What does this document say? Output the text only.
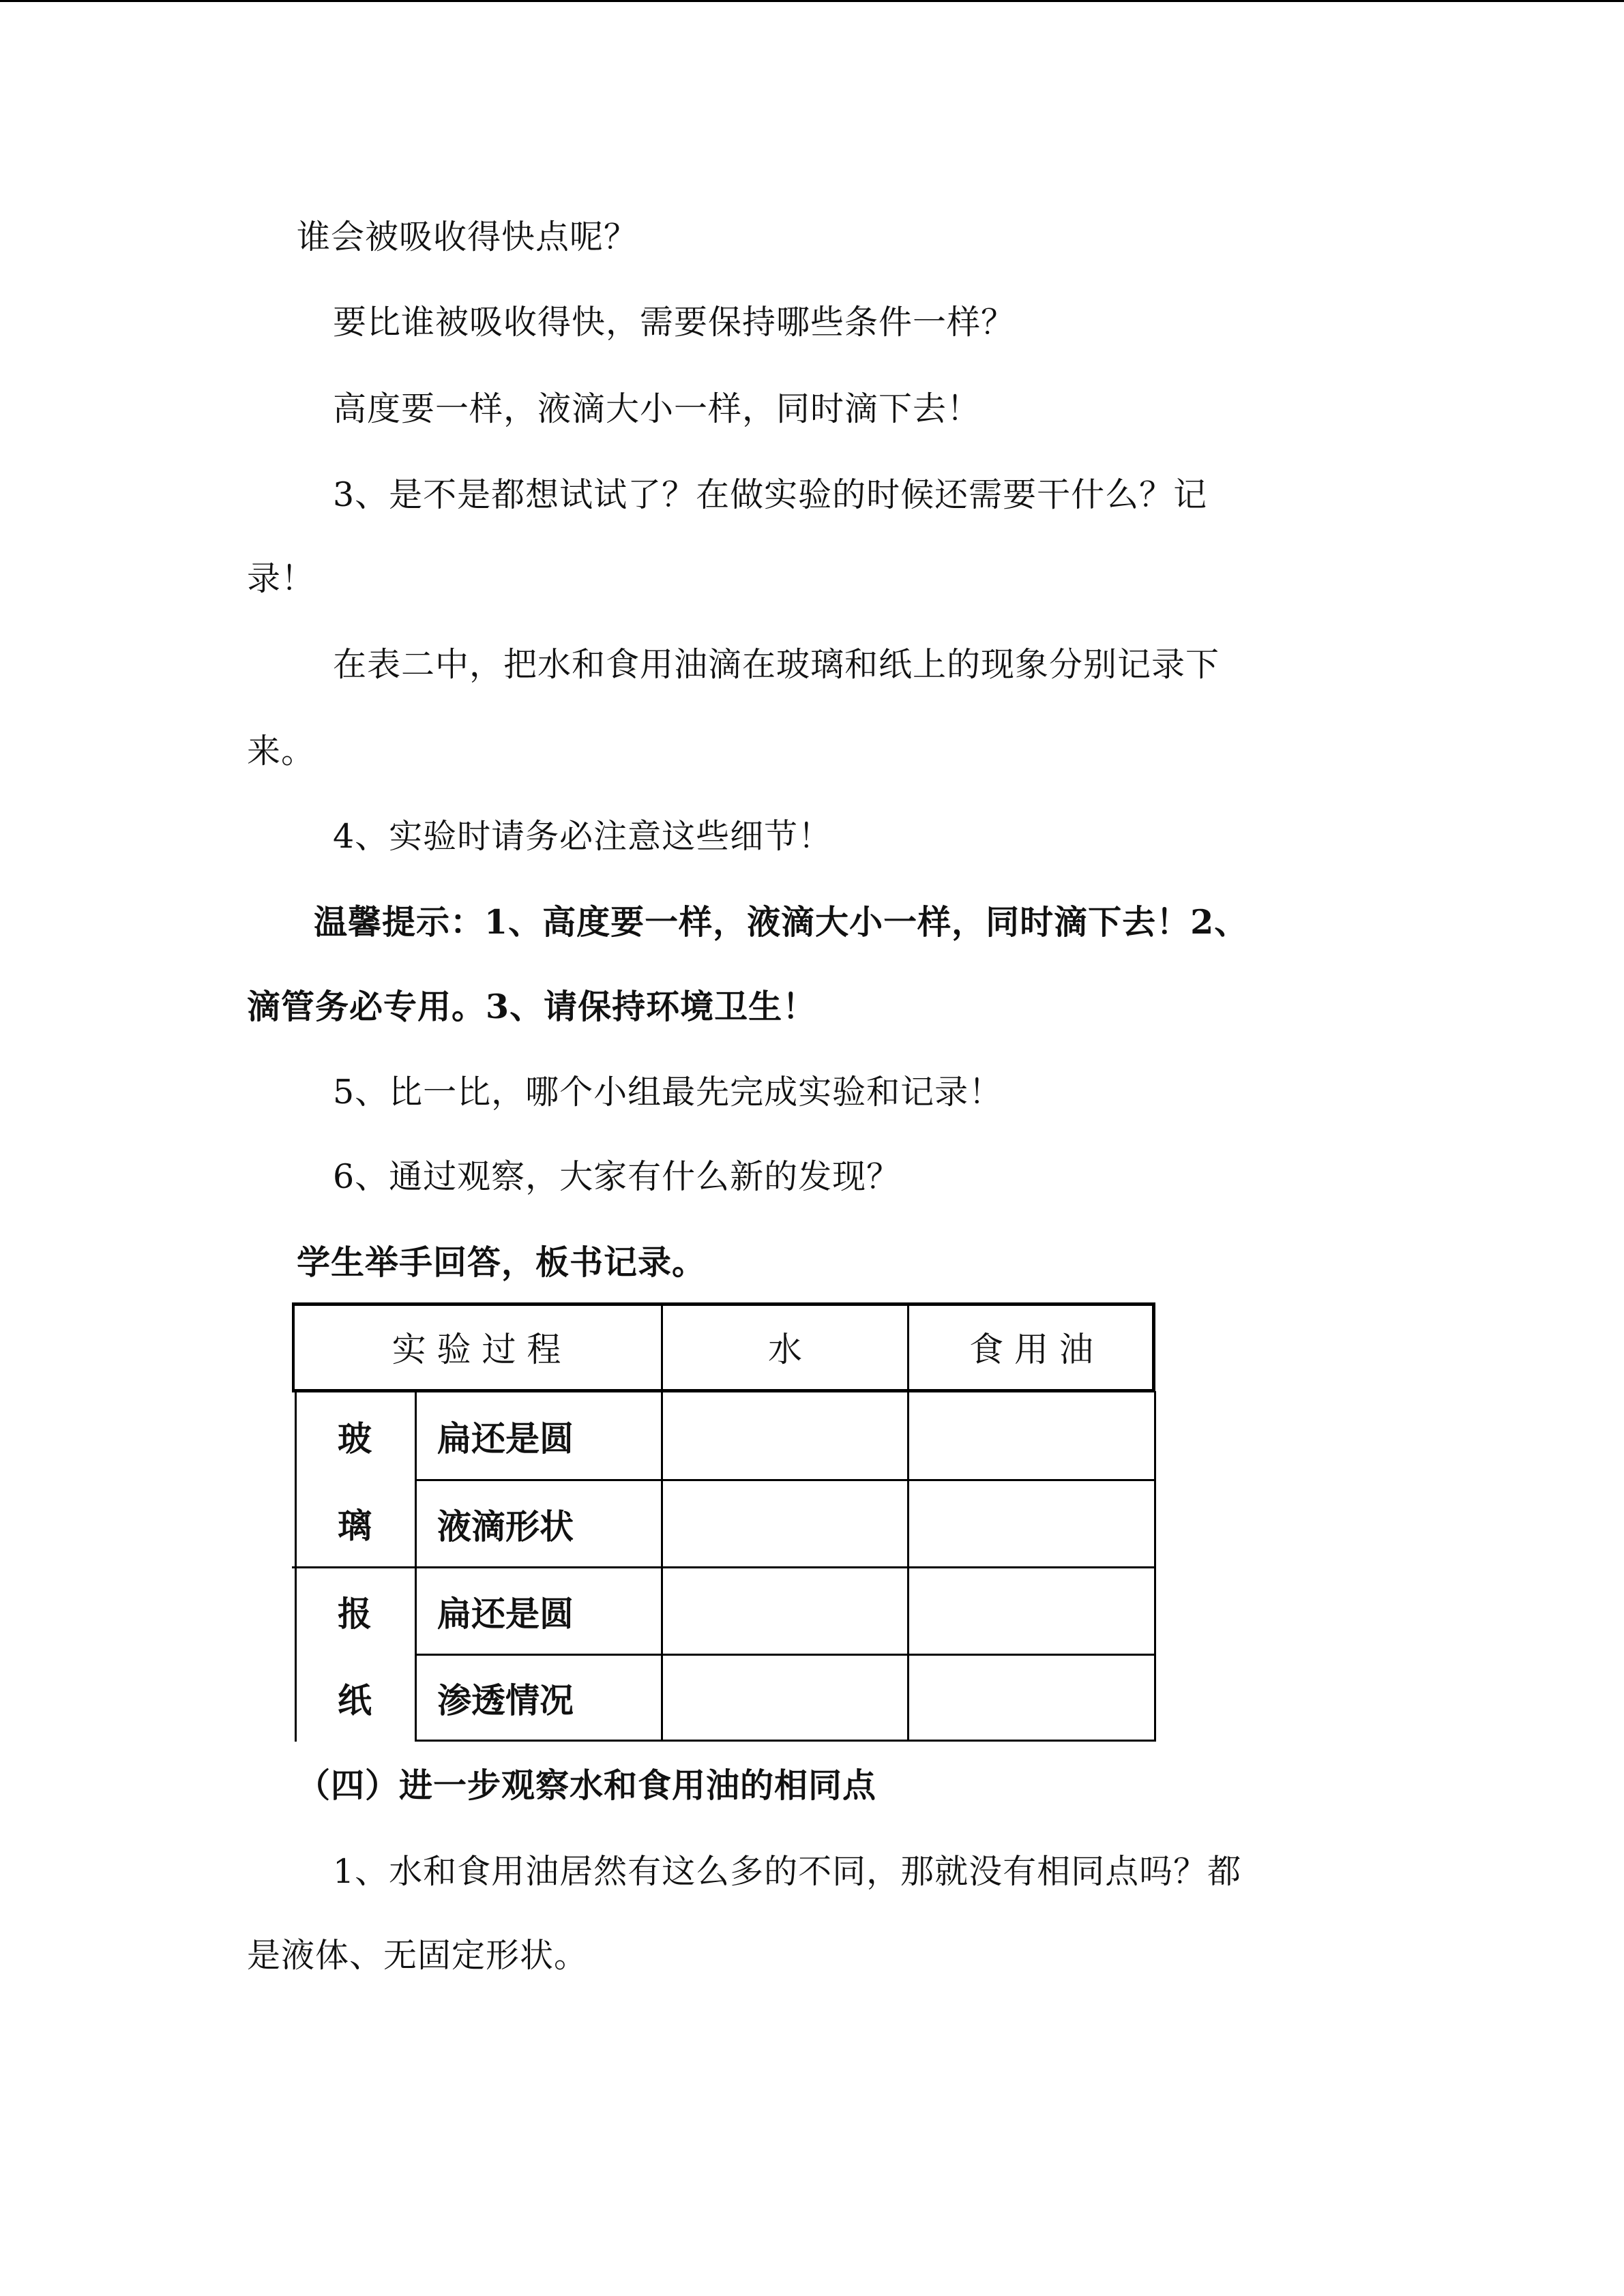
谁会被吸收得快点呢？
要比谁被吸收得快，需要保持哪些条件一样？
高度要一样，液滴大小一样，同时滴下去！
3、是不是都想试试了？在做实验的时候还需要干什么？记
录！
在表二中，把水和食用油滴在玻璃和纸上的现象分别记录下
来。
4、实验时请务必注意这些细节！
温馨提示：1、高度要一样，液滴大小一样，同时滴下去！2、
滴管务必专用。3、请保持环境卫生！
5、比一比，哪个小组最先完成实验和记录！
6、通过观察，大家有什么新的发现？
学生举手回答，板书记录。
实 验 过 程	水	食 用 油
玻
璃
扁还是圆
液滴形状
报
纸
扁还是圆
渗透情况
（四）进一步观察水和食用油的相同点
1、水和食用油居然有这么多的不同，那就没有相同点吗？都
是液体、无固定形状。
